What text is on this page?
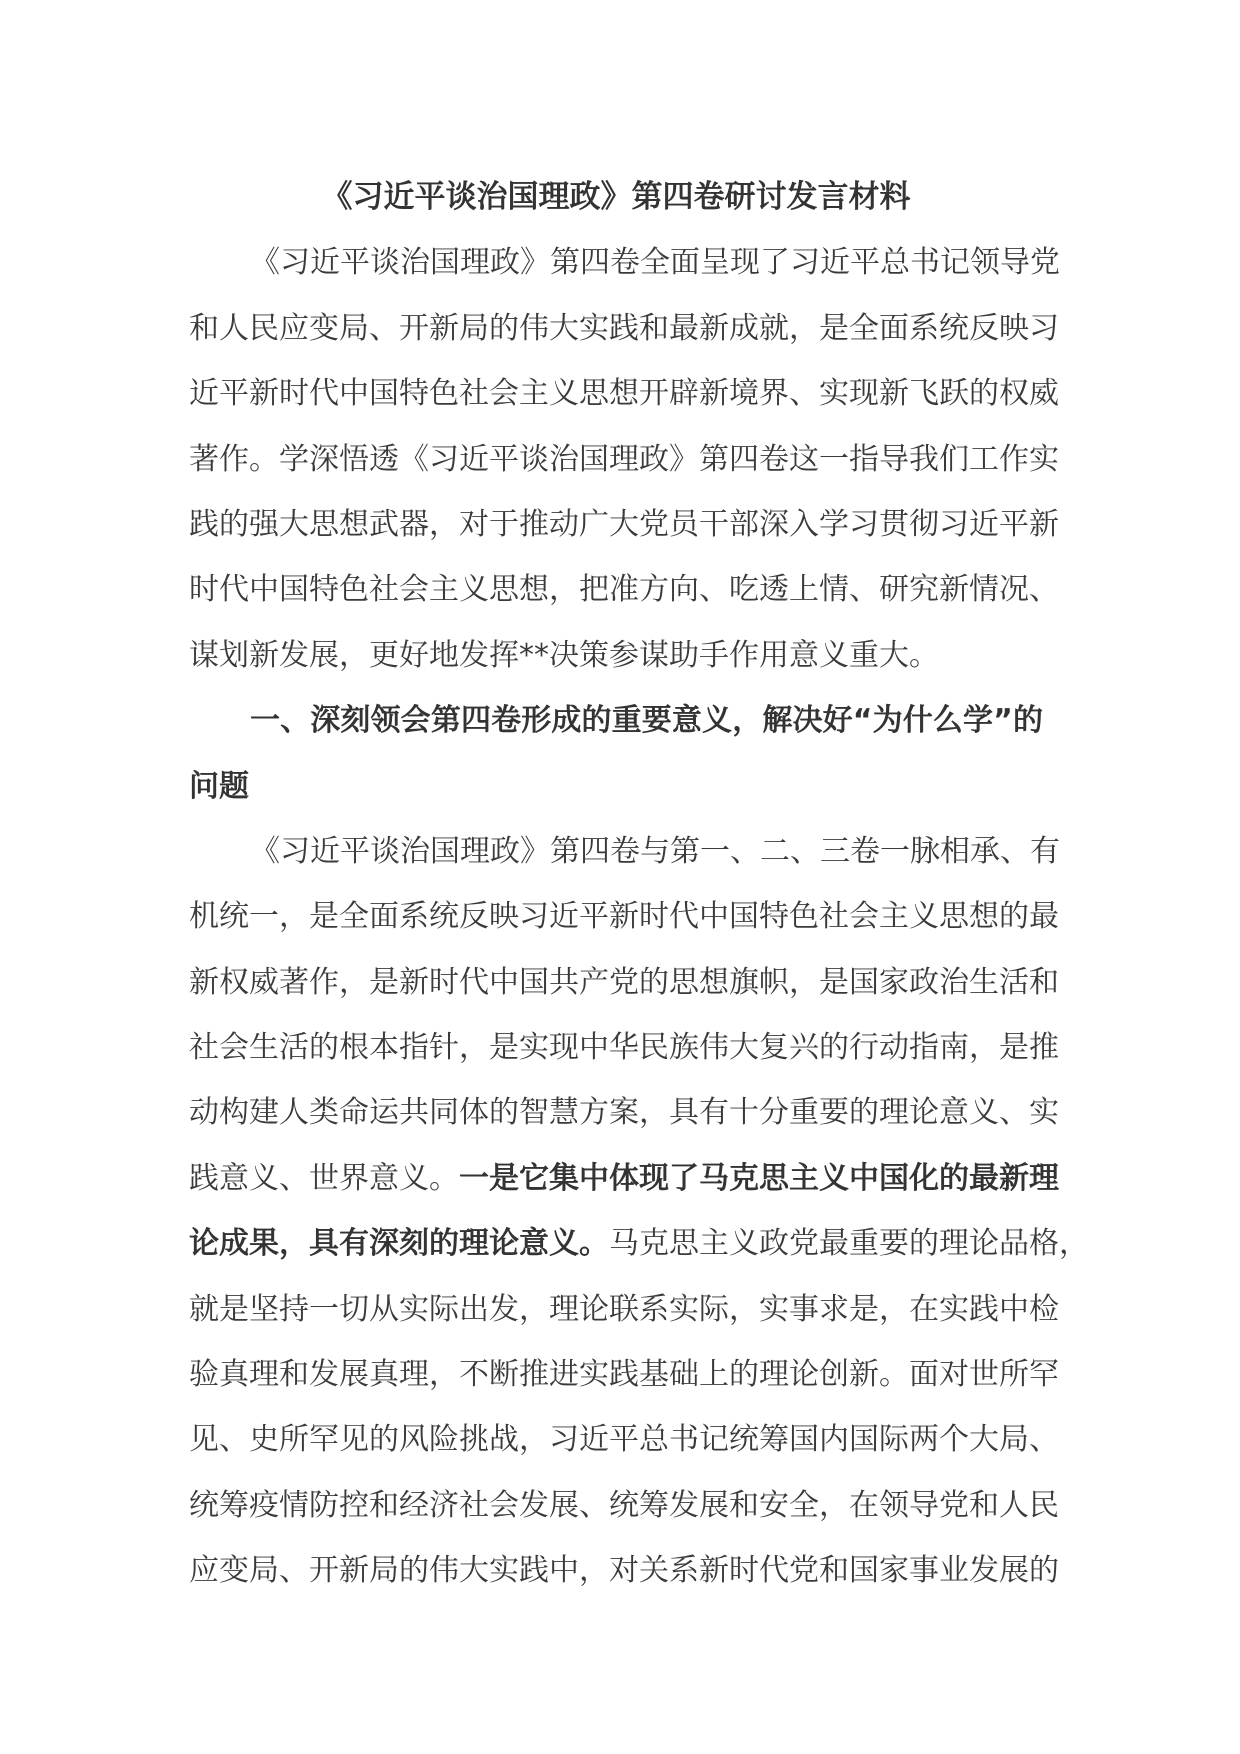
《习近平谈治国理政》第四卷研讨发言材料
《习近平谈治国理政》第四卷全面呈现了习近平总书记领导党
和人民应变局、开新局的伟大实践和最新成就，是全面系统反映习
近平新时代中国特色社会主义思想开辟新境界、实现新飞跃的权威
著作。学深悟透《习近平谈治国理政》第四卷这一指导我们工作实
践的强大思想武器，对于推动广大党员干部深入学习贯彻习近平新
时代中国特色社会主义思想，把准方向、吃透上情、研究新情况、
谋划新发展，更好地发挥**决策参谋助手作用意义重大。
一、深刻领会第四卷形成的重要意义，解决好“为什么学”的
问题
《习近平谈治国理政》第四卷与第一、二、三卷一脉相承、有
机统一，是全面系统反映习近平新时代中国特色社会主义思想的最
新权威著作，是新时代中国共产党的思想旗帜，是国家政治生活和
社会生活的根本指针，是实现中华民族伟大复兴的行动指南，是推
动构建人类命运共同体的智慧方案，具有十分重要的理论意义、实
践意义、世界意义。一是它集中体现了马克思主义中国化的最新理
论成果，具有深刻的理论意义。马克思主义政党最重要的理论品格，
就是坚持一切从实际出发，理论联系实际，实事求是，在实践中检
验真理和发展真理，不断推进实践基础上的理论创新。面对世所罕
见、史所罕见的风险挑战，习近平总书记统筹国内国际两个大局、
统筹疫情防控和经济社会发展、统筹发展和安全，在领导党和人民
应变局、开新局的伟大实践中，对关系新时代党和国家事业发展的
